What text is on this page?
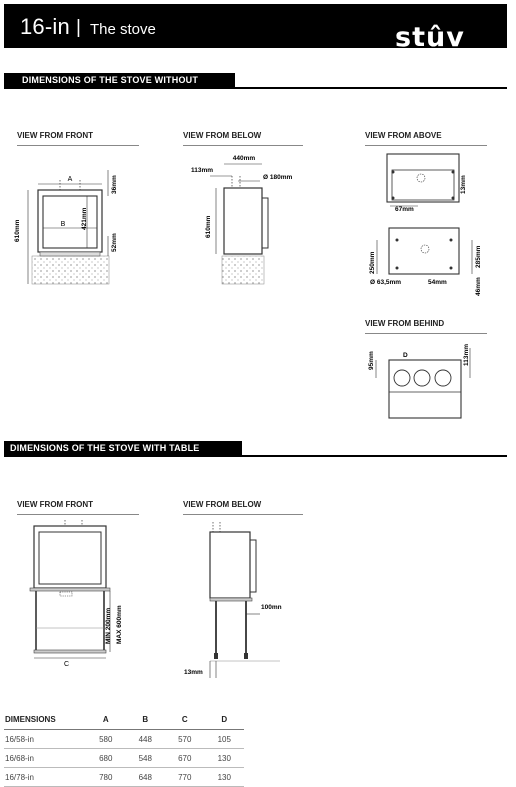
16-in | The stove	stûv
DIMENSIONS OF THE STOVE WITHOUT TABLE
VIEW FROM FRONT	VIEW FROM BELOW	VIEW FROM ABOVE
VIEW FROM BEHIND
A
B 421mm
610mm
36mm
52mm
440mm
113mm
Ø 180mm
610mm
13mm
67mm
250mm	285mm
Ø 63,5mm	54mm	46mm
D
95mm	113mm
DIMENSIONS OF THE STOVE WITH TABLE SUPPORT
VIEW FROM FRONT	VIEW FROM BELOW
C
MIN 200mm MAX 600mm	100mn
13mm
DIMENSIONS	A	B	C	D
16/58-in	580	448	570	105
16/68-in	680	548	670	130
16/78-in	780	648	770	130
